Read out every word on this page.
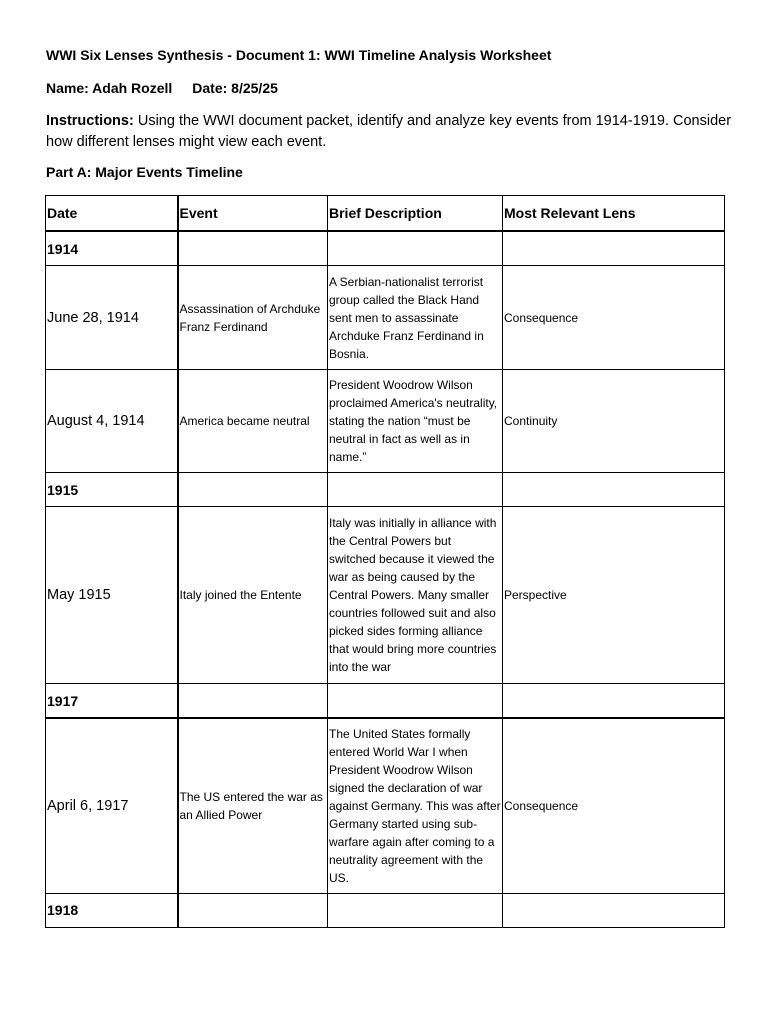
WWI Six Lenses Synthesis - Document 1: WWI Timeline Analysis Worksheet
Name: Adah Rozell Date: 8/25/25
Instructions: Using the WWI document packet, identify and analyze key events from 1914-1919. Consider how different lenses might view each event.
Part A: Major Events Timeline
Date	Event	Brief Description	Most Relevant Lens
1914			
June 28, 1914	Assassination of Archduke Franz Ferdinand	A Serbian-nationalist terrorist group called the Black Hand sent men to assassinate Archduke Franz Ferdinand in Bosnia.	Consequence
August 4, 1914	America became neutral	President Woodrow Wilson proclaimed America's neutrality, stating the nation “must be neutral in fact as well as in name.”	Continuity
1915			
May 1915	Italy joined the Entente	Italy was initially in alliance with the Central Powers but switched because it viewed the war as being caused by the Central Powers. Many smaller countries followed suit and also picked sides forming alliance that would bring more countries into the war	Perspective
1917			
April 6, 1917	The US entered the war as an Allied Power	The United States formally entered World War I when President Woodrow Wilson signed the declaration of war against Germany. This was after Germany started using sub-warfare again after coming to a neutrality agreement with the US.	Consequence
1918			
